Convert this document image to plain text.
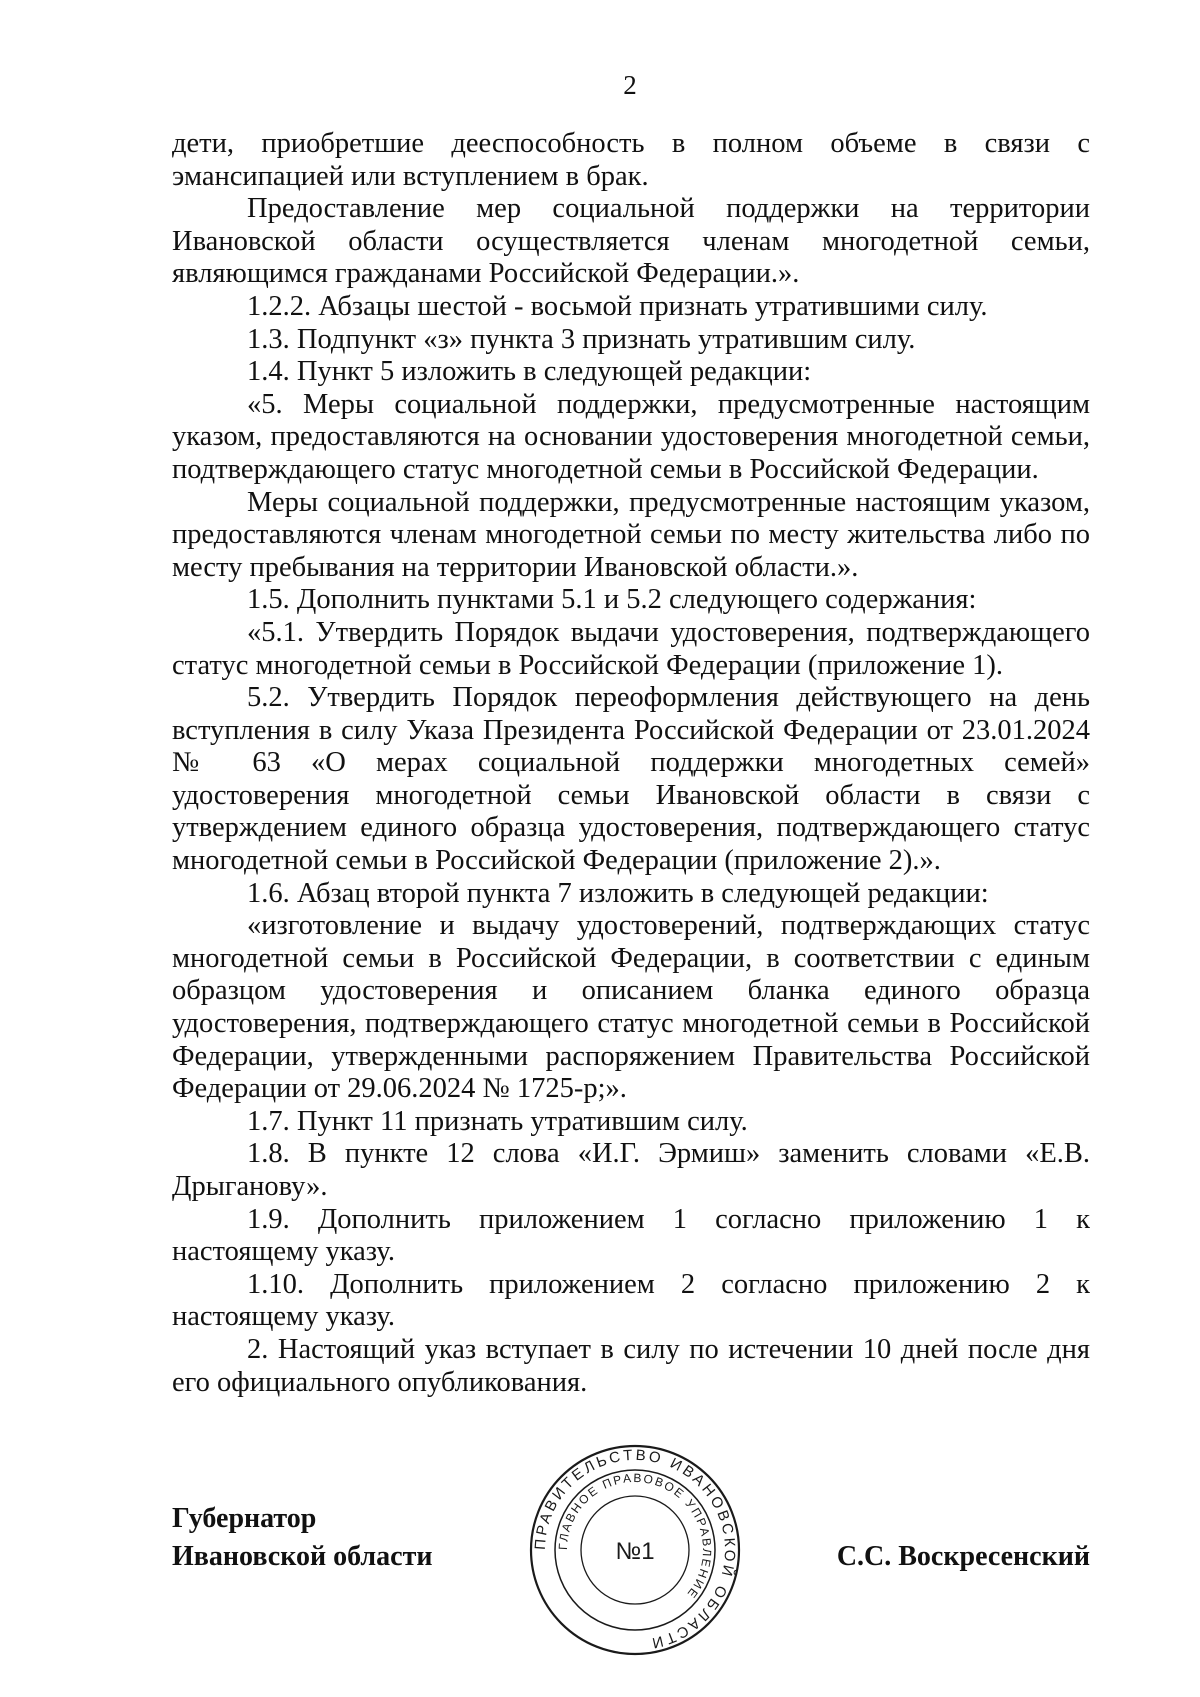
2

дети, приобретшие дееспособность в полном объеме в связи с эмансипацией или вступлением в брак.

Предоставление мер социальной поддержки на территории Ивановской области осуществляется членам многодетной семьи, являющимся гражданами Российской Федерации.».

1.2.2. Абзацы шестой - восьмой признать утратившими силу.

1.3. Подпункт «з» пункта 3 признать утратившим силу.

1.4. Пункт 5 изложить в следующей редакции:

«5. Меры социальной поддержки, предусмотренные настоящим указом, предоставляются на основании удостоверения многодетной семьи, подтверждающего статус многодетной семьи в Российской Федерации.

Меры социальной поддержки, предусмотренные настоящим указом, предоставляются членам многодетной семьи по месту жительства либо по месту пребывания на территории Ивановской области.».

1.5. Дополнить пунктами 5.1 и 5.2 следующего содержания:

«5.1. Утвердить Порядок выдачи удостоверения, подтверждающего статус многодетной семьи в Российской Федерации (приложение 1).

5.2. Утвердить Порядок переоформления действующего на день вступления в силу Указа Президента Российской Федерации от 23.01.2024 № 63 «О мерах социальной поддержки многодетных семей» удостоверения многодетной семьи Ивановской области в связи с утверждением единого образца удостоверения, подтверждающего статус многодетной семьи в Российской Федерации (приложение 2).».

1.6. Абзац второй пункта 7 изложить в следующей редакции:

«изготовление и выдачу удостоверений, подтверждающих статус многодетной семьи в Российской Федерации, в соответствии с единым образцом удостоверения и описанием бланка единого образца удостоверения, подтверждающего статус многодетной семьи в Российской Федерации, утвержденными распоряжением Правительства Российской Федерации от 29.06.2024 № 1725-р;».

1.7. Пункт 11 признать утратившим силу.

1.8. В пункте 12 слова «И.Г. Эрмиш» заменить словами «Е.В. Дрыганову».

1.9. Дополнить приложением 1 согласно приложению 1 к настоящему указу.

1.10. Дополнить приложением 2 согласно приложению 2 к настоящему указу.

2. Настоящий указ вступает в силу по истечении 10 дней после дня его официального опубликования.

Губернатор
Ивановской области	ПРАВИТЕЛЬСТВО ИВАНОВСКОЙ ОБЛАСТИ
ГЛАВНОЕ ПРАВОВОЕ УПРАВЛЕНИЕ
№1	С.С. Воскресенский
